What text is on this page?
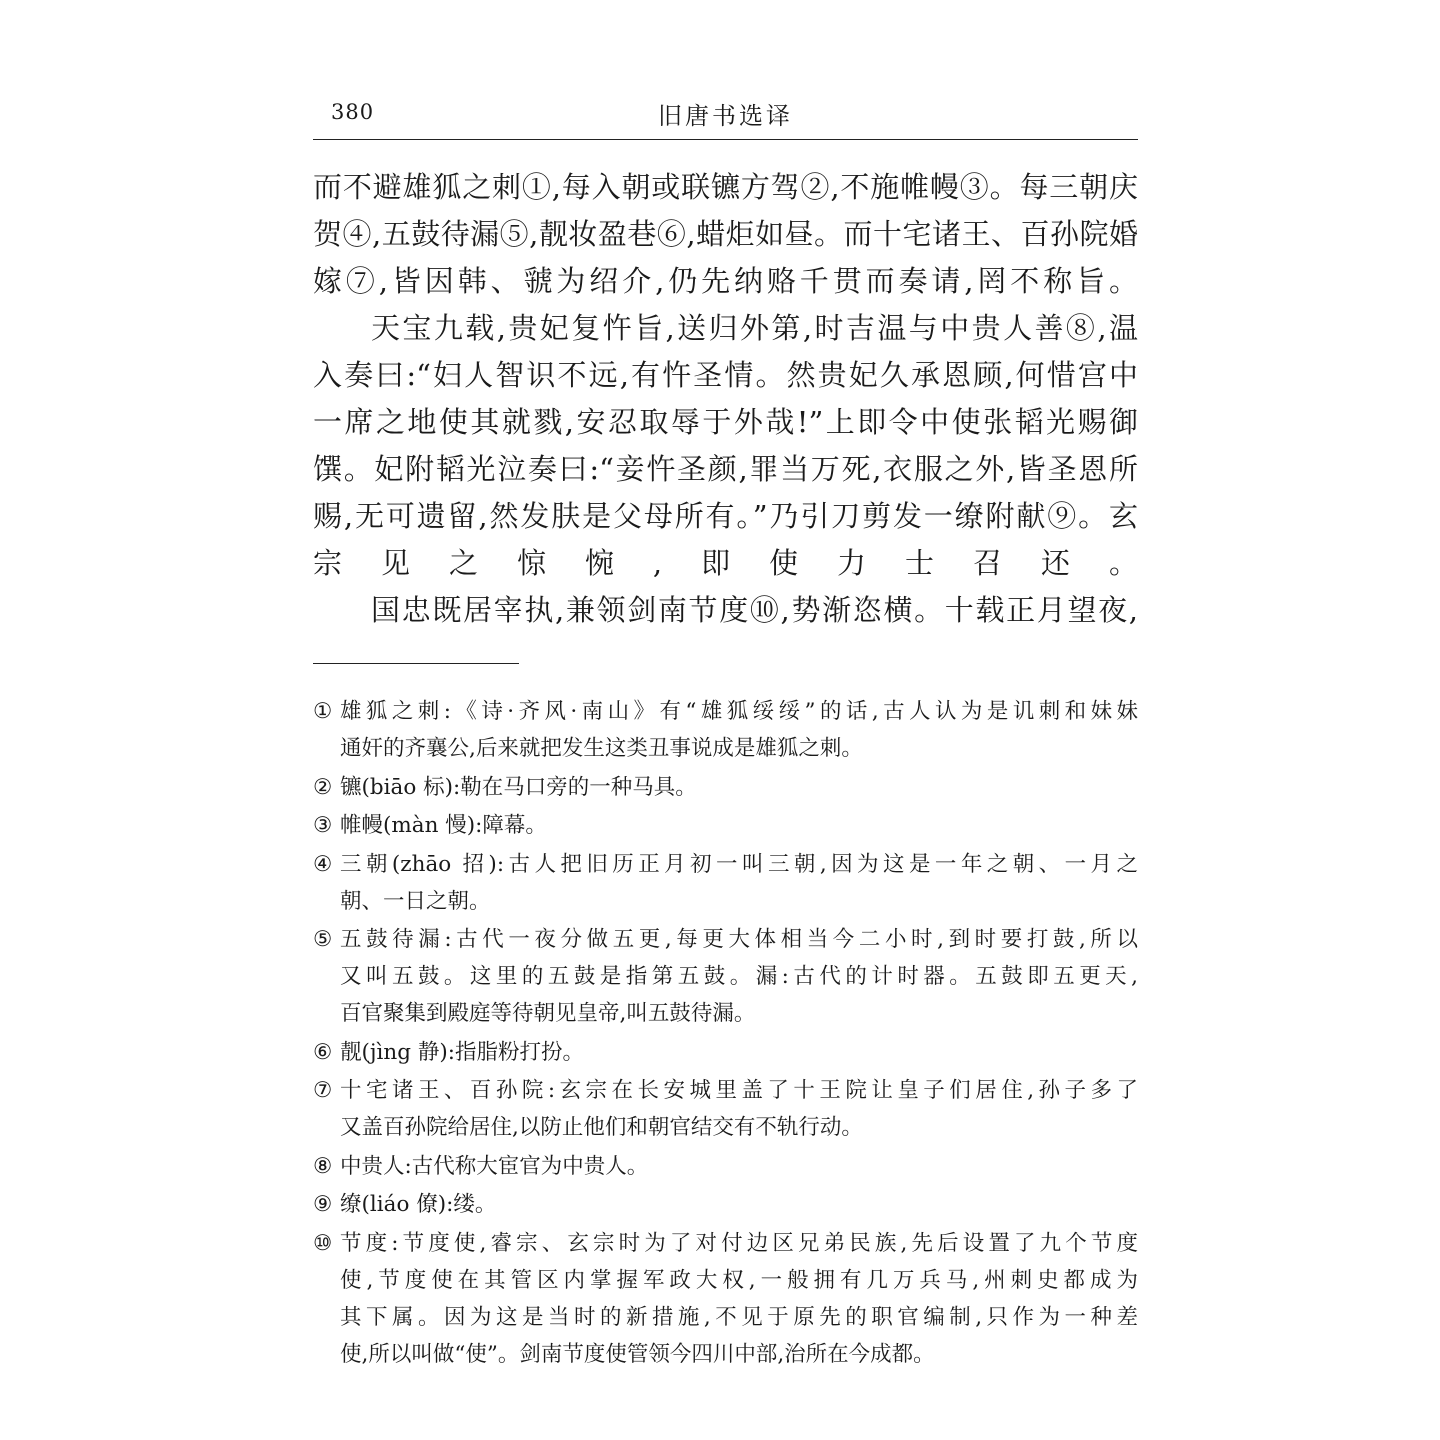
380	旧唐书选译

而不避雄狐之刺①,每入朝或联镳方驾②,不施帷幔③。每三朝庆
贺④,五鼓待漏⑤,靓妆盈巷⑥,蜡炬如昼。而十宅诸王、百孙院婚
嫁⑦,皆因韩、虢为绍介,仍先纳赂千贯而奏请,罔不称旨。

天宝九载,贵妃复忤旨,送归外第,时吉温与中贵人善⑧,温
入奏曰:“妇人智识不远,有忤圣情。然贵妃久承恩顾,何惜宫中
一席之地使其就戮,安忍取辱于外哉!”上即令中使张韬光赐御
馔。妃附韬光泣奏曰:“妾忤圣颜,罪当万死,衣服之外,皆圣恩所
赐,无可遗留,然发肤是父母所有。”乃引刀剪发一缭附献⑨。玄
宗见之惊惋,即使力士召还。

国忠既居宰执,兼领剑南节度⑩,势渐恣横。十载正月望夜,

① 雄狐之刺:《诗·齐风·南山》有“雄狐绥绥”的话,古人认为是讥刺和妹妹
通奸的齐襄公,后来就把发生这类丑事说成是雄狐之刺。
② 镳(biāo 标):勒在马口旁的一种马具。
③ 帷幔(màn 慢):障幕。
④ 三朝(zhāo 招):古人把旧历正月初一叫三朝,因为这是一年之朝、一月之
朝、一日之朝。
⑤ 五鼓待漏:古代一夜分做五更,每更大体相当今二小时,到时要打鼓,所以
又叫五鼓。这里的五鼓是指第五鼓。漏:古代的计时器。五鼓即五更天,
百官聚集到殿庭等待朝见皇帝,叫五鼓待漏。
⑥ 靓(jìng 静):指脂粉打扮。
⑦ 十宅诸王、百孙院:玄宗在长安城里盖了十王院让皇子们居住,孙子多了
又盖百孙院给居住,以防止他们和朝官结交有不轨行动。
⑧ 中贵人:古代称大宦官为中贵人。
⑨ 缭(liáo 僚):缕。
⑩ 节度:节度使,睿宗、玄宗时为了对付边区兄弟民族,先后设置了九个节度
使,节度使在其管区内掌握军政大权,一般拥有几万兵马,州刺史都成为
其下属。因为这是当时的新措施,不见于原先的职官编制,只作为一种差
使,所以叫做“使”。剑南节度使管领今四川中部,治所在今成都。
